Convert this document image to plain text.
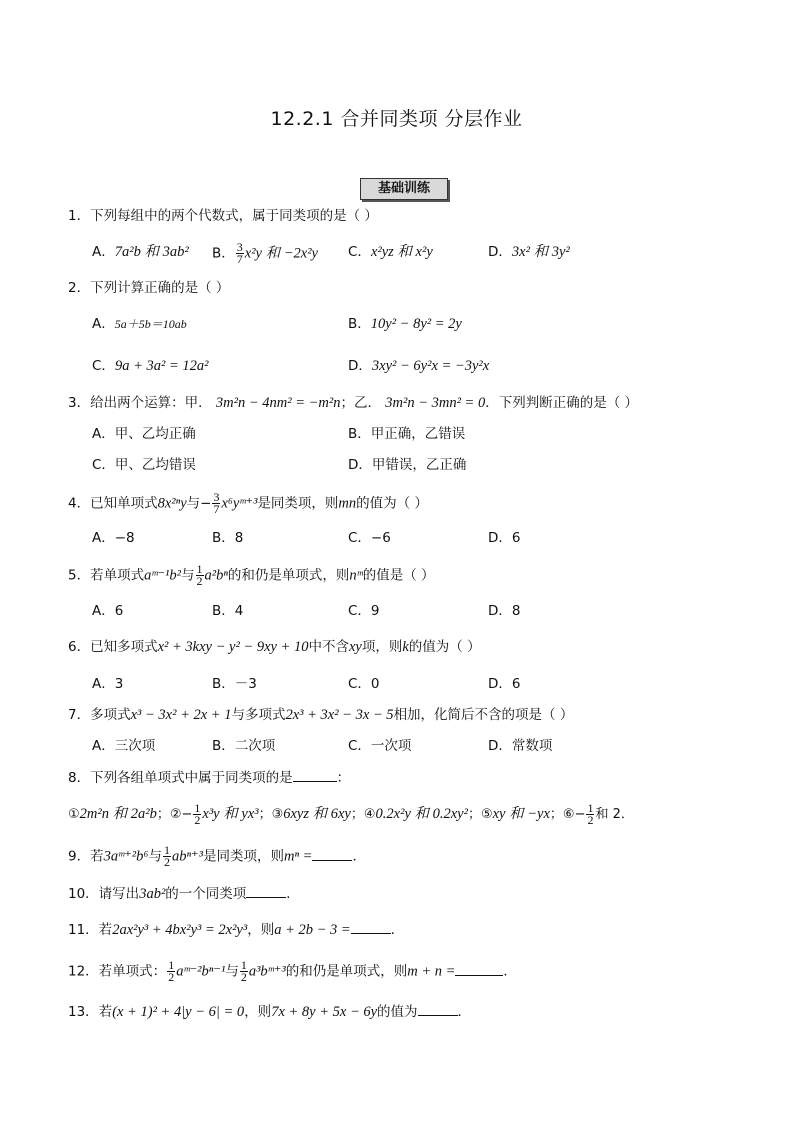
12.2.1 合并同类项 分层作业
基础训练
1．下列每组中的两个代数式，属于同类项的是（ ）
A．7a²b 和 3ab² B． $\frac{3}{7} x^2y$ 和 −2x²y C．x²yz 和 x²y	D．3x² 和 3y²
2．下列计算正确的是（ ）
A．5a＋5b＝10ab	B．10y² − 8y² = 2y
C．9a + 3a² = 12a²	D．3xy² − 6y²x = −3y²x
3．给出两个运算：甲． 3m²n − 4nm² = −m²n；乙． 3m²n − 3mn² = 0．下列判断正确的是（ ）
A．甲、乙均正确	B．甲正确，乙错误
C．甲、乙均错误	D．甲错误，乙正确
4．已知单项式8x²ⁿy与− $\frac{3}{7}$ x⁶yᵐ⁺³是同类项，则mn的值为（ ）
A．−8	B．8	C．−6	D．6
5．若单项式aᵐ⁻¹b²与 $\frac{1}{2} a^2b^n$的和仍是单项式，则nᵐ的值是（ ）
A．6	B．4	C．9	D．8
6．已知多项式x² + 3kxy − y² − 9xy + 10中不含xy项，则k的值为（ ）
A．3	B．－3	C．0	D．6
7．多项式x³ − 3x² + 2x + 1与多项式2x³ + 3x² − 3x − 5相加，化简后不含的项是（ ）
A．三次项	B．二次项	C．一次项	D．常数项
8．下列各组单项式中属于同类项的是	：
①2m²n 和 2a²b；②− $\frac{1}{2} x^3y$ 和 yx³；③6xyz 和 6xy；④0.2x²y 和 0.2xy²；⑤xy 和 −yx；⑥− $\frac{1}{2}$ 和 2．
9．若3aᵐ⁺²b⁶与 $\frac{1}{2} ab^{n+3}$是同类项，则mⁿ =	．
10．请写出3ab²的一个同类项	．
11．若2ax²y³ + 4bx²y³ = 2x²y³，则a + 2b − 3 =	．
12．若单项式： $\frac{1}{2}$ aᵐ⁻²bⁿ⁻¹与 $\frac{1}{2}$ a³bᵐ⁺³的和仍是单项式，则m + n =	．
13．若(x + 1)² + 4|y − 6| = 0，则7x + 8y + 5x − 6y的值为	．
